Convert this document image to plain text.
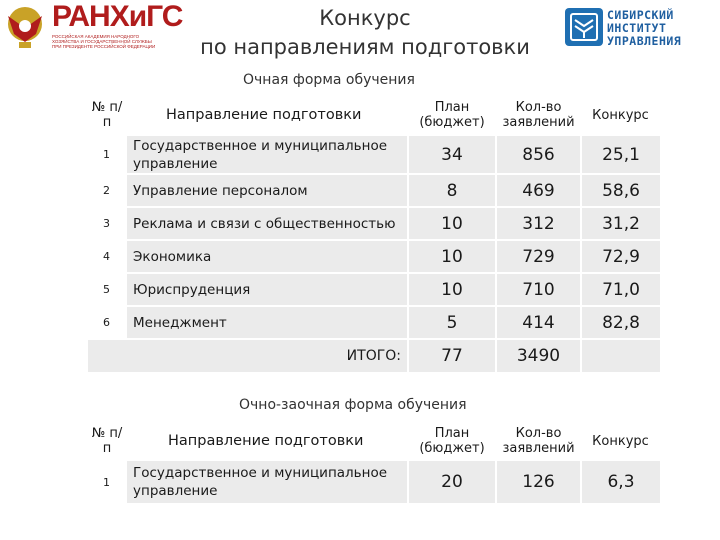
РАНХиГС
РОССИЙСКАЯ АКАДЕМИЯ НАРОДНОГО ХОЗЯЙСТВА И ГОСУДАРСТВЕННОЙ СЛУЖБЫ ПРИ ПРЕЗИДЕНТЕ РОССИЙСКОЙ ФЕДЕРАЦИИ
Конкурс
по направлениям подготовки
СИБИРСКИЙ
ИНСТИТУТ
УПРАВЛЕНИЯ
Очная форма обучения
№ п/п	Направление подготовки	План (бюджет)	Кол-во заявлений	Конкурс
1	Государственное и муниципальное управление	34	856	25,1
2	Управление персоналом	8	469	58,6
3	Реклама и связи с общественностью	10	312	31,2
4	Экономика	10	729	72,9
5	Юриспруденция	10	710	71,0
6	Менеджмент	5	414	82,8
ИТОГО:		77	3490	
Очно-заочная форма обучения
№ п/п	Направление подготовки	План (бюджет)	Кол-во заявлений	Конкурс
1	Государственное и муниципальное управление	20	126	6,3
